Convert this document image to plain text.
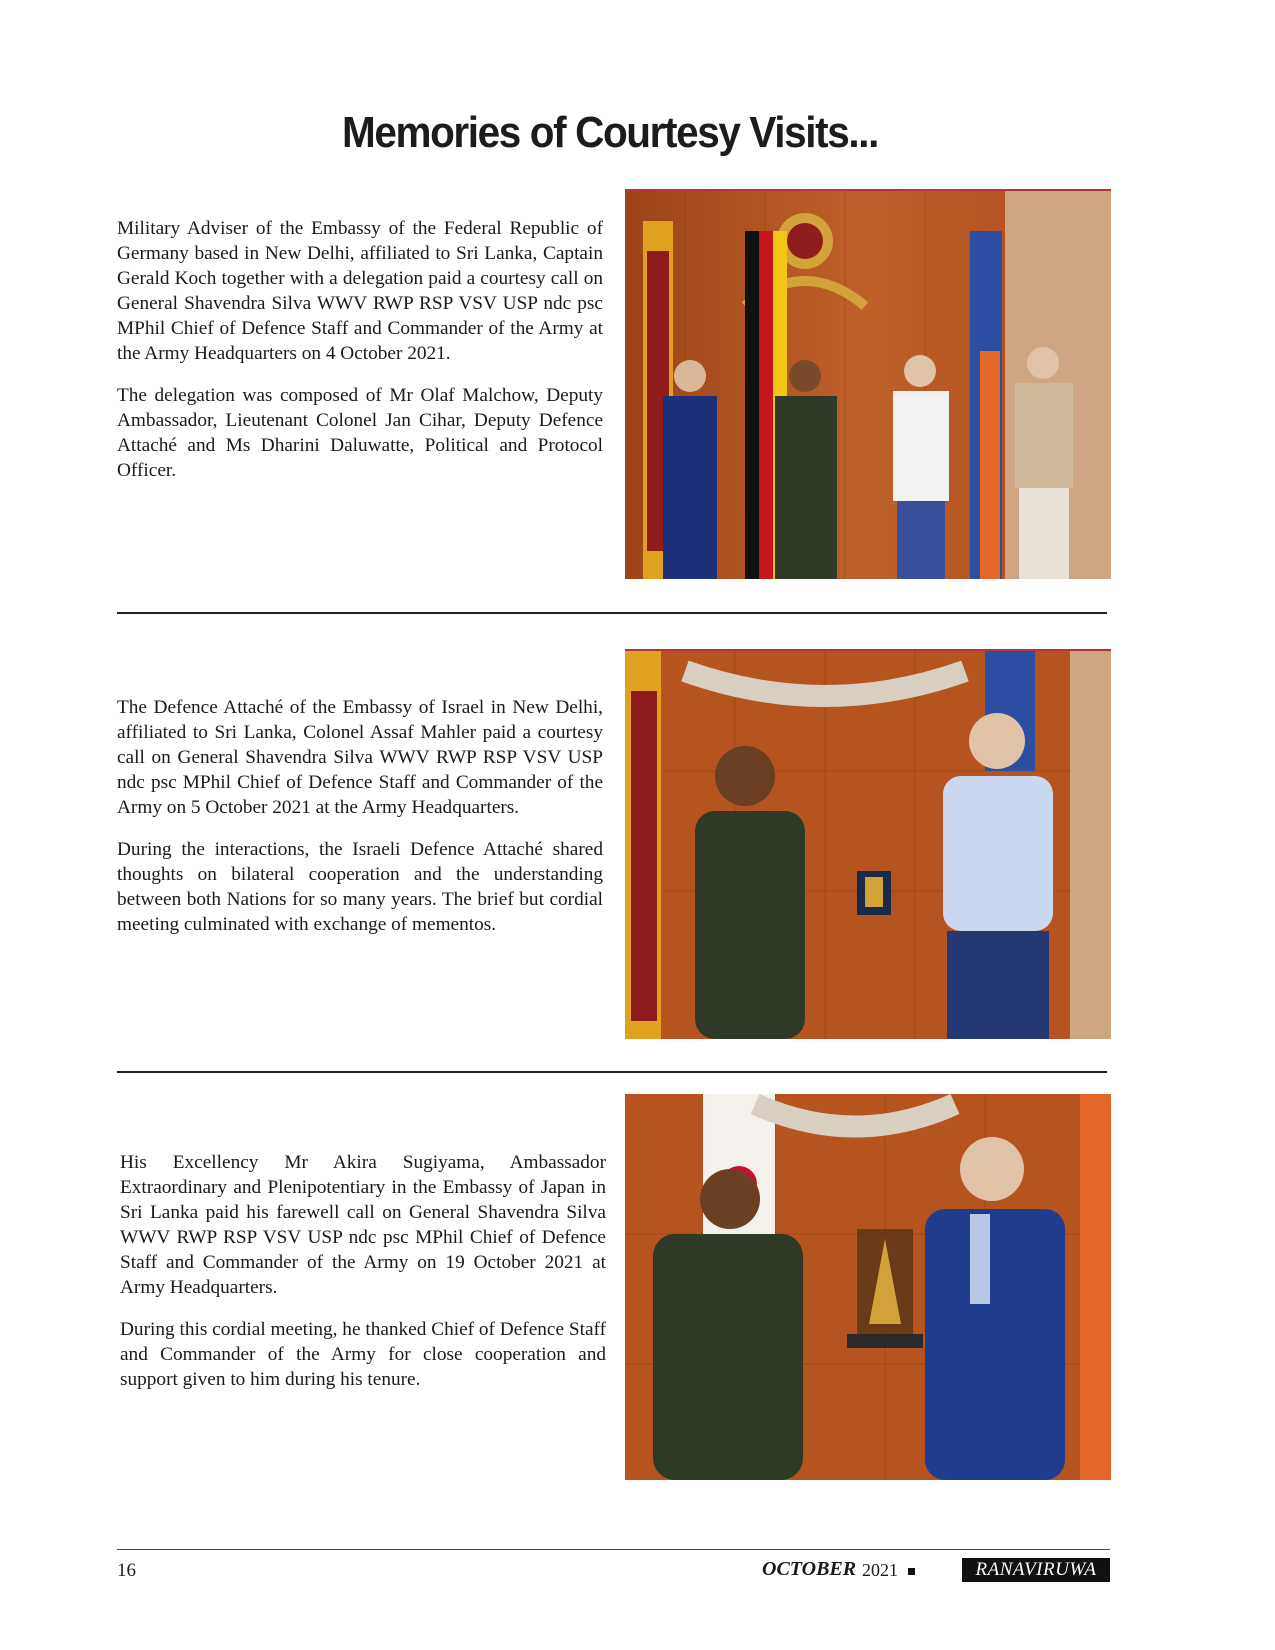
Memories of Courtesy Visits...

Military Adviser of the Embassy of the Federal Republic of Germany based in New Delhi, affiliated to Sri Lanka, Captain Gerald Koch together with a delegation paid a courtesy call on General Shavendra Silva WWV RWP RSP VSV USP ndc psc MPhil Chief of Defence Staff and Commander of the Army at the Army Headquarters on 4 October 2021.

The delegation was composed of Mr Olaf Malchow, Deputy Ambassador, Lieutenant Colonel Jan Cihar, Deputy Defence Attaché and Ms Dharini Daluwatte, Political and Protocol Officer.

The Defence Attaché of the Embassy of Israel in New Delhi, affiliated to Sri Lanka, Colonel Assaf Mahler paid a courtesy call on General Shavendra Silva WWV RWP RSP VSV USP ndc psc MPhil Chief of Defence Staff and Commander of the Army on 5 October 2021 at the Army Headquarters.

During the interactions, the Israeli Defence Attaché shared thoughts on bilateral cooperation and the understanding between both Nations for so many years. The brief but cordial meeting culminated with exchange of mementos.

His Excellency Mr Akira Sugiyama, Ambassador Extraordinary and Plenipotentiary in the Embassy of Japan in Sri Lanka paid his farewell call on General Shavendra Silva WWV RWP RSP VSV USP ndc psc MPhil Chief of Defence Staff and Commander of the Army on 19 October 2021 at Army Headquarters.

During this cordial meeting, he thanked Chief of Defence Staff and Commander of the Army for close cooperation and support given to him during his tenure.

16	OCTOBER 2021	RANAVIRUWA
